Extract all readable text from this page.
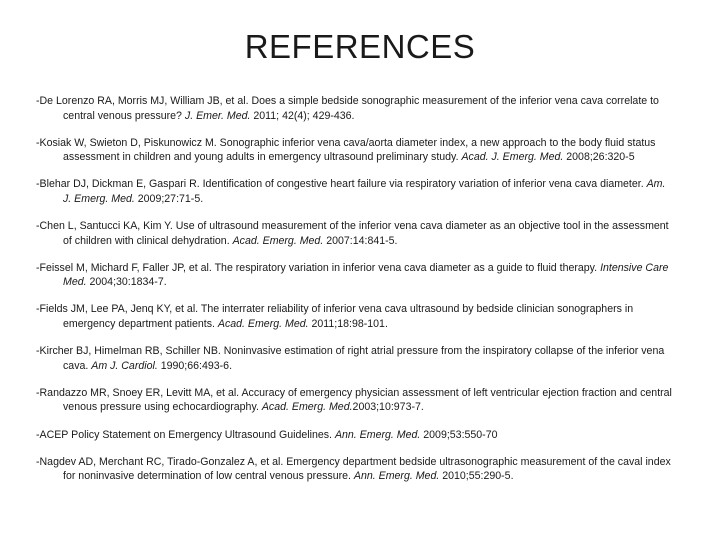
REFERENCES
-De Lorenzo RA, Morris MJ, William JB, et al. Does a simple bedside sonographic measurement of the inferior vena cava correlate to central venous pressure? J. Emer. Med. 2011; 42(4); 429-436.
-Kosiak W, Swieton D, Piskunowicz M. Sonographic inferior vena cava/aorta diameter index, a new approach to the body fluid status assessment in children and young adults in emergency ultrasound preliminary study. Acad. J. Emerg. Med. 2008;26:320-5
-Blehar DJ, Dickman E, Gaspari R. Identification of congestive heart failure via respiratory variation of inferior vena cava diameter. Am. J. Emerg. Med. 2009;27:71-5.
-Chen L, Santucci KA, Kim Y. Use of ultrasound measurement of the inferior vena cava diameter as an objective tool in the assessment of children with clinical dehydration. Acad. Emerg. Med. 2007:14:841-5.
-Feissel M, Michard F, Faller JP, et al. The respiratory variation in inferior vena cava diameter as a guide to fluid therapy. Intensive Care Med. 2004;30:1834-7.
-Fields JM, Lee PA, Jenq KY, et al. The interrater reliability of inferior vena cava ultrasound by bedside clinician sonographers in emergency department patients. Acad. Emerg. Med. 2011;18:98-101.
-Kircher BJ, Himelman RB, Schiller NB. Noninvasive estimation of right atrial pressure from the inspiratory collapse of the inferior vena cava. Am J. Cardiol. 1990;66:493-6.
-Randazzo MR, Snoey ER, Levitt MA, et al. Accuracy of emergency physician assessment of left ventricular ejection fraction and central venous pressure using echocardiography. Acad. Emerg. Med.2003;10:973-7.
-ACEP Policy Statement on Emergency Ultrasound Guidelines. Ann. Emerg. Med. 2009;53:550-70
-Nagdev AD, Merchant RC, Tirado-Gonzalez A, et al. Emergency department bedside ultrasonographic measurement of the caval index for noninvasive determination of low central venous pressure. Ann. Emerg. Med. 2010;55:290-5.
